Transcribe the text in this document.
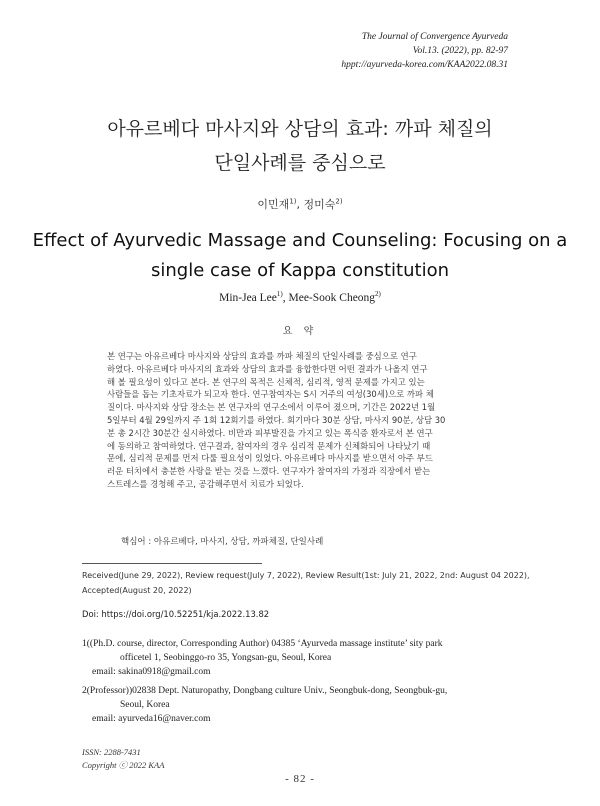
The Journal of Convergence Ayurveda
Vol.13. (2022), pp. 82-97
hppt://ayurveda-korea.com/KAA2022.08.31
아유르베다 마사지와 상담의 효과: 까파 체질의
단일사례를 중심으로
이민재$^{1)}$, 정미숙$^{2)}$
Effect of Ayurvedic Massage and Counseling: Focusing on a
single case of Kappa constitution
Min-Jea Lee$^{1)}$, Mee-Sook Cheong$^{2)}$
요 약

본 연구는 아유르베다 마사지와 상담의 효과를 까파 체질의 단일사례를 중심으로 연구
하였다. 아유르베다 마사지의 효과와 상담의 효과를 융합한다면 어떤 결과가 나올지 연구
해 볼 필요성이 있다고 본다. 본 연구의 목적은 신체적, 심리적, 영적 문제를 가지고 있는
사람들을 돕는 기초자료가 되고자 한다. 연구참여자는 S시 거주의 여성(30세)으로 까파 체
질이다. 마사지와 상담 장소는 본 연구자의 연구소에서 이루어 졌으며, 기간은 2022년 1월
5일부터 4월 29일까지 주 1회 12회기를 하였다. 회기마다 30분 상담, 마사지 90분, 상담 30
분 총 2시간 30분간 실시하였다. 비만과 피부발진을 가지고 있는 폭식증 환자로서 본 연구
에 동의하고 참여하였다. 연구결과, 참여자의 경우 심리적 문제가 신체화되어 나타났기 때
문에, 심리적 문제를 먼저 다룰 필요성이 있었다. 아유르베다 마사지를 받으면서 아주 부드
러운 터치에서 충분한 사랑을 받는 것을 느꼈다. 연구자가 참여자의 가정과 직장에서 받는
스트레스를 경청해 주고, 공감해주면서 치료가 되었다.

핵심어 : 아유르베다, 마사지, 상담, 까파체질, 단일사례
Received(June 29, 2022), Review request(July 7, 2022), Review Result(1st: July 21, 2022, 2nd: August 04 2022),
Accepted(August 20, 2022)
Doi: https://doi.org/10.52251/kja.2022.13.82
1((Ph.D. course, director, Corresponding Author) 04385 ‘Ayurveda massage institute’ sity park
officetel 1, Seobinggo-ro 35, Yongsan-gu, Seoul, Korea
email: sakina0918@gmail.com
2(Professor))02838 Dept. Naturopathy, Dongbang culture Univ., Seongbuk-dong, Seongbuk-gu,
Seoul, Korea
email: ayurveda16@naver.com
ISSN: 2288-7431
Copyright ⓒ 2022 KAA
- 82 -
